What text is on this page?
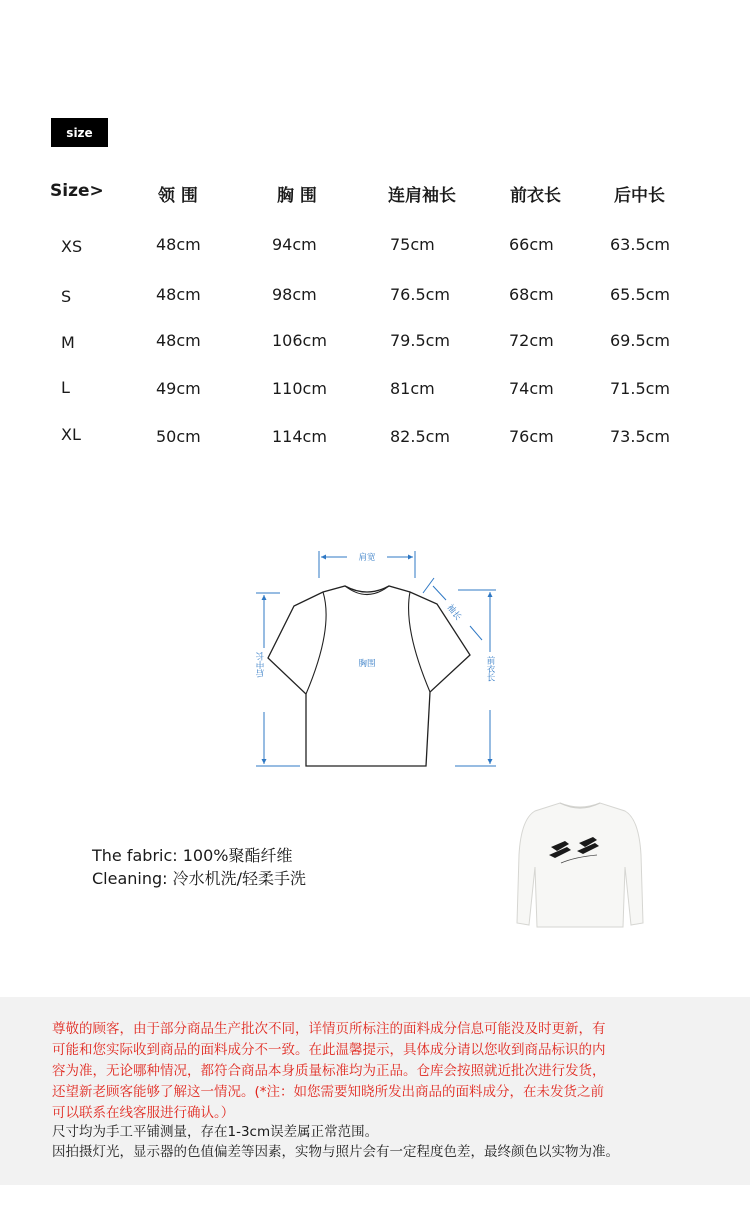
size
Size>	领 围	胸 围	连肩袖长	前衣长	后中长
XS	48cm	94cm	75cm	66cm	63.5cm
S	48cm	98cm	76.5cm	68cm	65.5cm
M	48cm	106cm	79.5cm	72cm	69.5cm
L	49cm	110cm	81cm	74cm	71.5cm
XL	50cm	114cm	82.5cm	76cm	73.5cm
肩宽
胸围
袖长
后中长	前衣长
The fabric: 100%聚酯纤维
Cleaning: 冷水机洗/轻柔手洗

尊敬的顾客，由于部分商品生产批次不同，详情页所标注的面料成分信息可能没及时更新，有

可能和您实际收到商品的面料成分不一致。在此温馨提示，具体成分请以您收到商品标识的内

容为准，无论哪种情况，都符合商品本身质量标准均为正品。仓库会按照就近批次进行发货，

还望新老顾客能够了解这一情况。(*注：如您需要知晓所发出商品的面料成分，在未发货之前

可以联系在线客服进行确认。）

尺寸均为手工平铺测量，存在1-3cm误差属正常范围。

因拍摄灯光，显示器的色值偏差等因素，实物与照片会有一定程度色差，最终颜色以实物为准。
